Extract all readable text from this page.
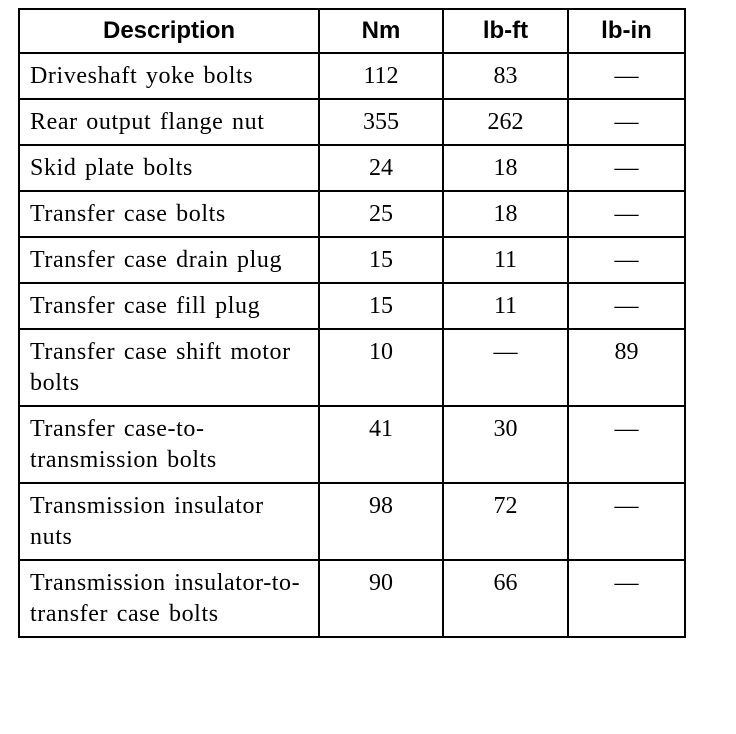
Description	Nm	lb-ft	lb-in
Driveshaft yoke bolts	112	83	—
Rear output flange nut	355	262	—
Skid plate bolts	24	18	—
Transfer case bolts	25	18	—
Transfer case drain plug	15	11	—
Transfer case fill plug	15	11	—
Transfer case shift motor bolts	10	—	89
Transfer case-to-transmission bolts	41	30	—
Transmission insulator nuts	98	72	—
Transmission insulator-to-transfer case bolts	90	66	—
